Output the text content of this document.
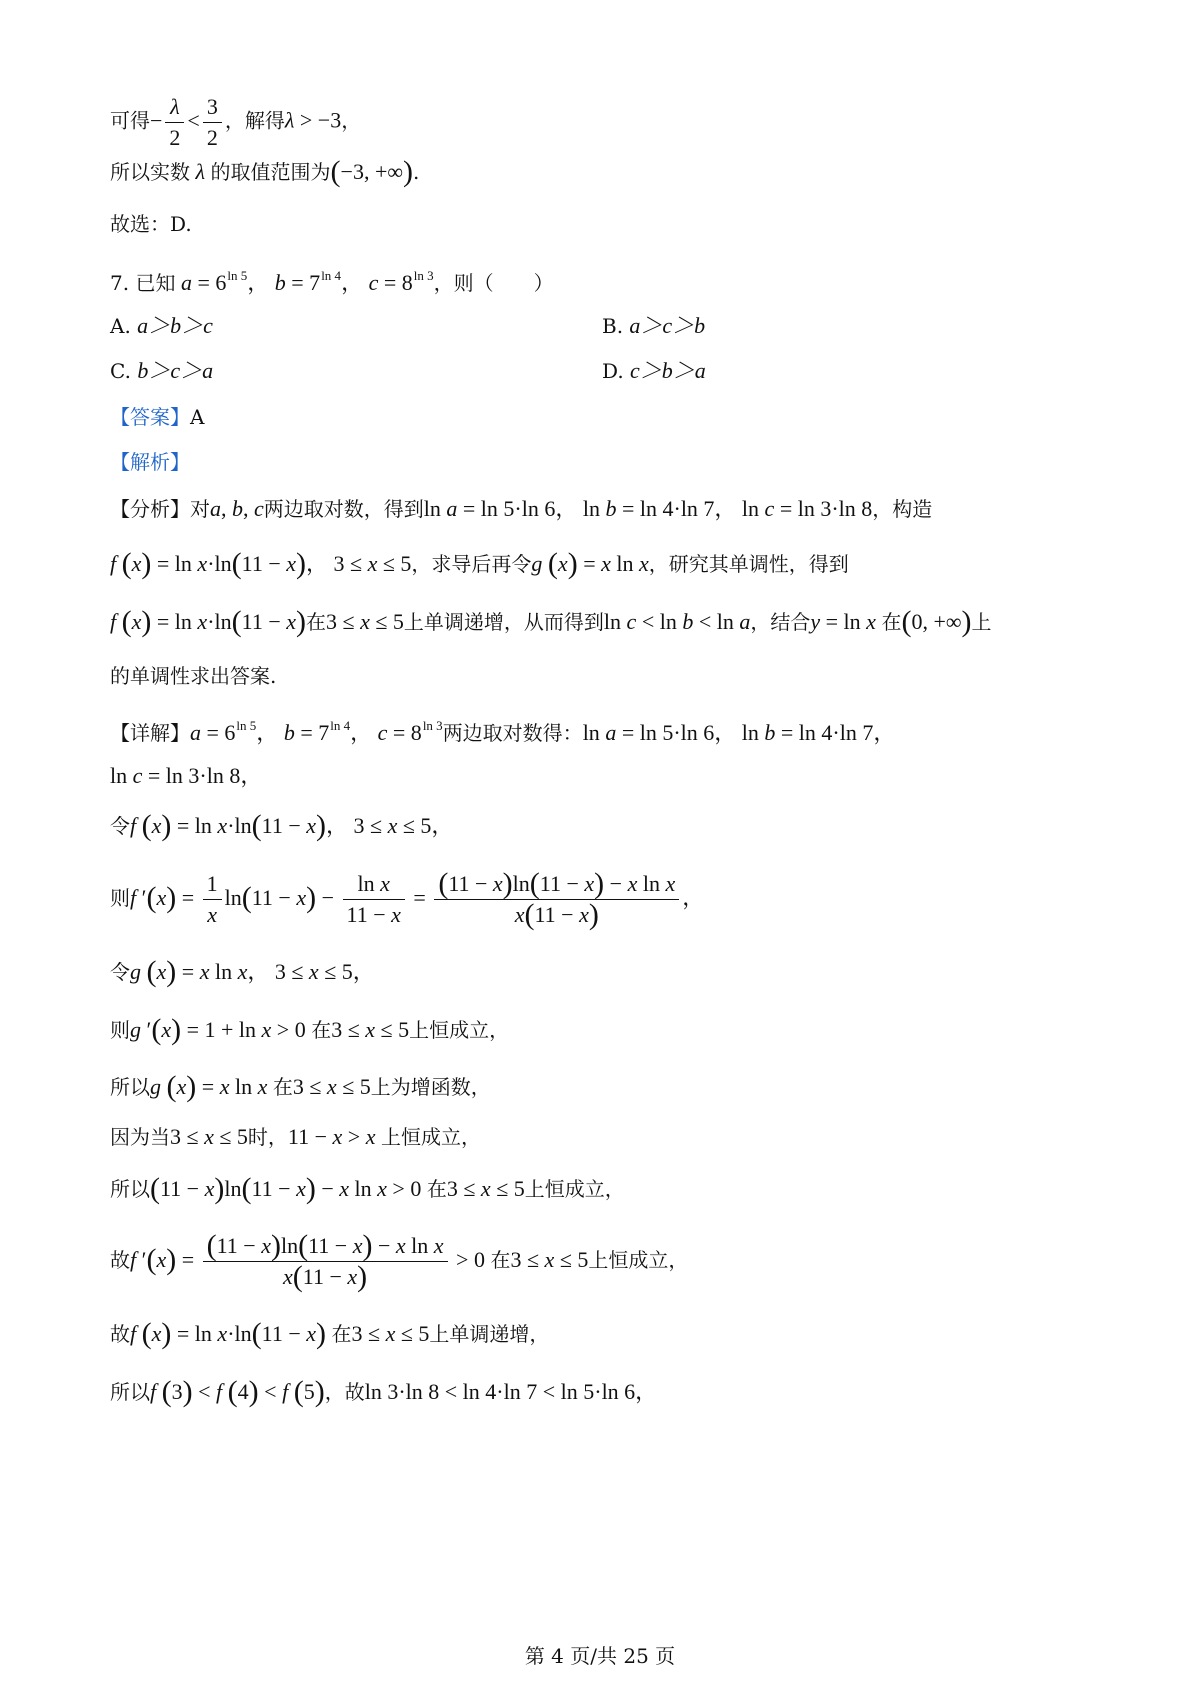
可得− $\frac{\lambda}{2} < \frac{3}{2}$ ，解得λ > −3，
所以实数 λ 的取值范围为(−3, +∞).
故选：D.
7. 已知 $a = 6^{ln 5}$， $b = 7^{ln 4}$， $c = 8^{ln 3}$，则（　　）
A. a＞b＞c	B. a＞c＞b
C. b＞c＞a	D. c＞b＞a
【答案】A
【解析】
【分析】对a, b, c两边取对数，得到ln a = ln 5·ln 6， ln b = ln 4·ln 7， ln c = ln 3·ln 8，构造
f (x) = ln x·ln(11 − x)， 3 ≤ x ≤ 5，求导后再令g (x) = x ln x，研究其单调性，得到
f (x) = ln x·ln(11 − x)在3 ≤ x ≤ 5上单调递增，从而得到ln c < ln b < ln a，结合y = ln x 在(0, +∞)上
的单调性求出答案.
【详解】$a = 6^{ln 5}$， $b = 7^{ln 4}$， $c = 8^{ln 3}$两边取对数得：ln a = ln 5·ln 6， ln b = ln 4·ln 7，
ln c = ln 3·ln 8，
令f (x) = ln x·ln(11 − x)， 3 ≤ x ≤ 5，
则f $'(x) = \frac{1}{x} \ln(11 - x) - \frac{\text{ln x}}{11 - x} = \frac{\text{(11 − x)ln(11 − x) − x ln x}}{x(11 - x)}$ ，
令g (x) = x ln x， 3 ≤ x ≤ 5，
则g ′(x) = 1 + ln x > 0 在3 ≤ x ≤ 5上恒成立，
所以g (x) = x ln x 在3 ≤ x ≤ 5上为增函数，
因为当3 ≤ x ≤ 5时，11 − x > x 上恒成立，
所以(11 − x)ln(11 − x) − x ln x > 0 在3 ≤ x ≤ 5上恒成立，
故f $'(x) = \frac{\text{(11 − x)ln(11 − x) − x ln x}}{x(11 - x)} > 0$ 在3 ≤ x ≤ 5上恒成立，
故f (x) = ln x·ln(11 − x) 在3 ≤ x ≤ 5上单调递增，
所以f (3) < f (4) < f (5)，故ln 3·ln 8 < ln 4·ln 7 < ln 5·ln 6，
第 4 页/共 25 页
